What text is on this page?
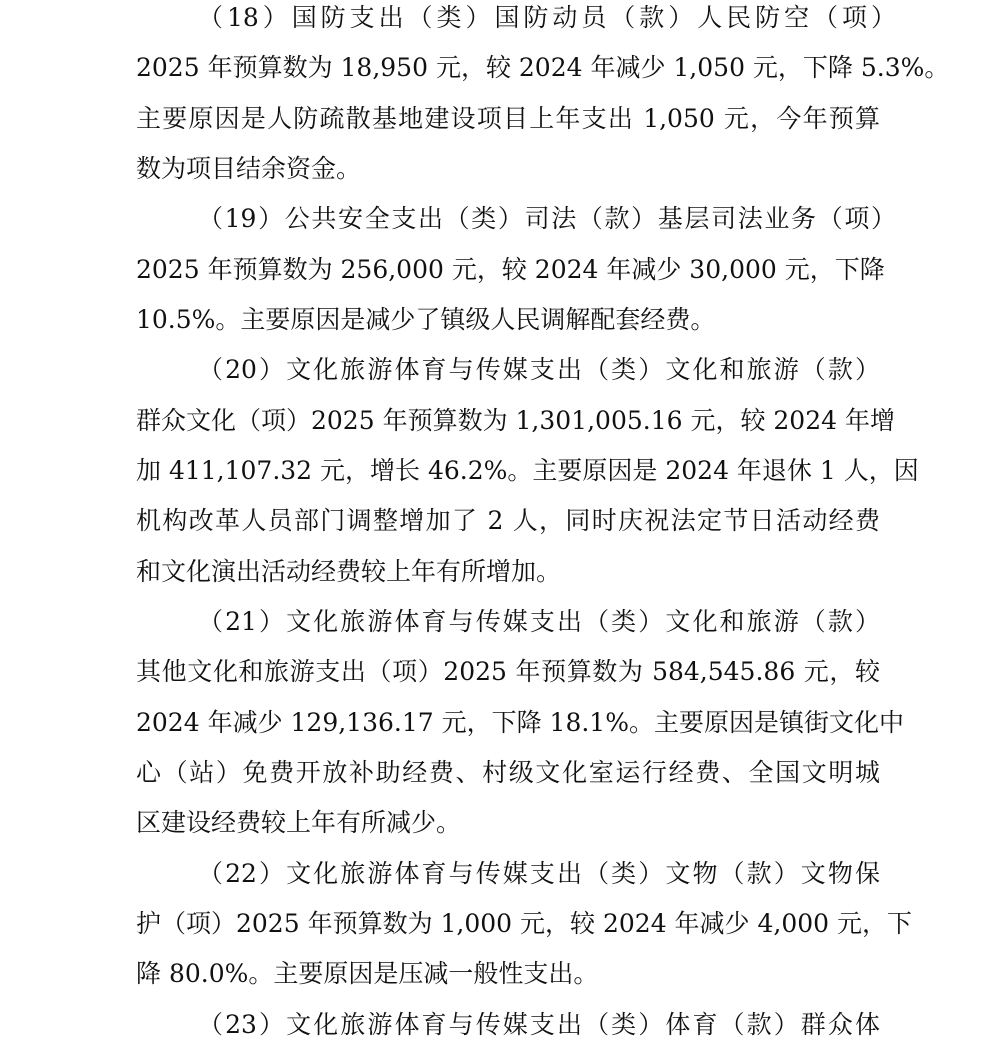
（18）国防支出（类）国防动员（款）人民防空（项）
2025 年预算数为 18,950 元，较 2024 年减少 1,050 元，下降 5.3%。
主要原因是人防疏散基地建设项目上年支出 1,050 元，今年预算
数为项目结余资金。
（19）公共安全支出（类）司法（款）基层司法业务（项）
2025 年预算数为 256,000 元，较 2024 年减少 30,000 元，下降
10.5%。主要原因是减少了镇级人民调解配套经费。
（20）文化旅游体育与传媒支出（类）文化和旅游（款）
群众文化（项）2025 年预算数为 1,301,005.16 元，较 2024 年增
加 411,107.32 元，增长 46.2%。主要原因是 2024 年退休 1 人，因
机构改革人员部门调整增加了 2 人，同时庆祝法定节日活动经费
和文化演出活动经费较上年有所增加。
（21）文化旅游体育与传媒支出（类）文化和旅游（款）
其他文化和旅游支出（项）2025 年预算数为 584,545.86 元，较
2024 年减少 129,136.17 元，下降 18.1%。主要原因是镇街文化中
心（站）免费开放补助经费、村级文化室运行经费、全国文明城
区建设经费较上年有所减少。
（22）文化旅游体育与传媒支出（类）文物（款）文物保
护（项）2025 年预算数为 1,000 元，较 2024 年减少 4,000 元，下
降 80.0%。主要原因是压减一般性支出。
（23）文化旅游体育与传媒支出（类）体育（款）群众体
